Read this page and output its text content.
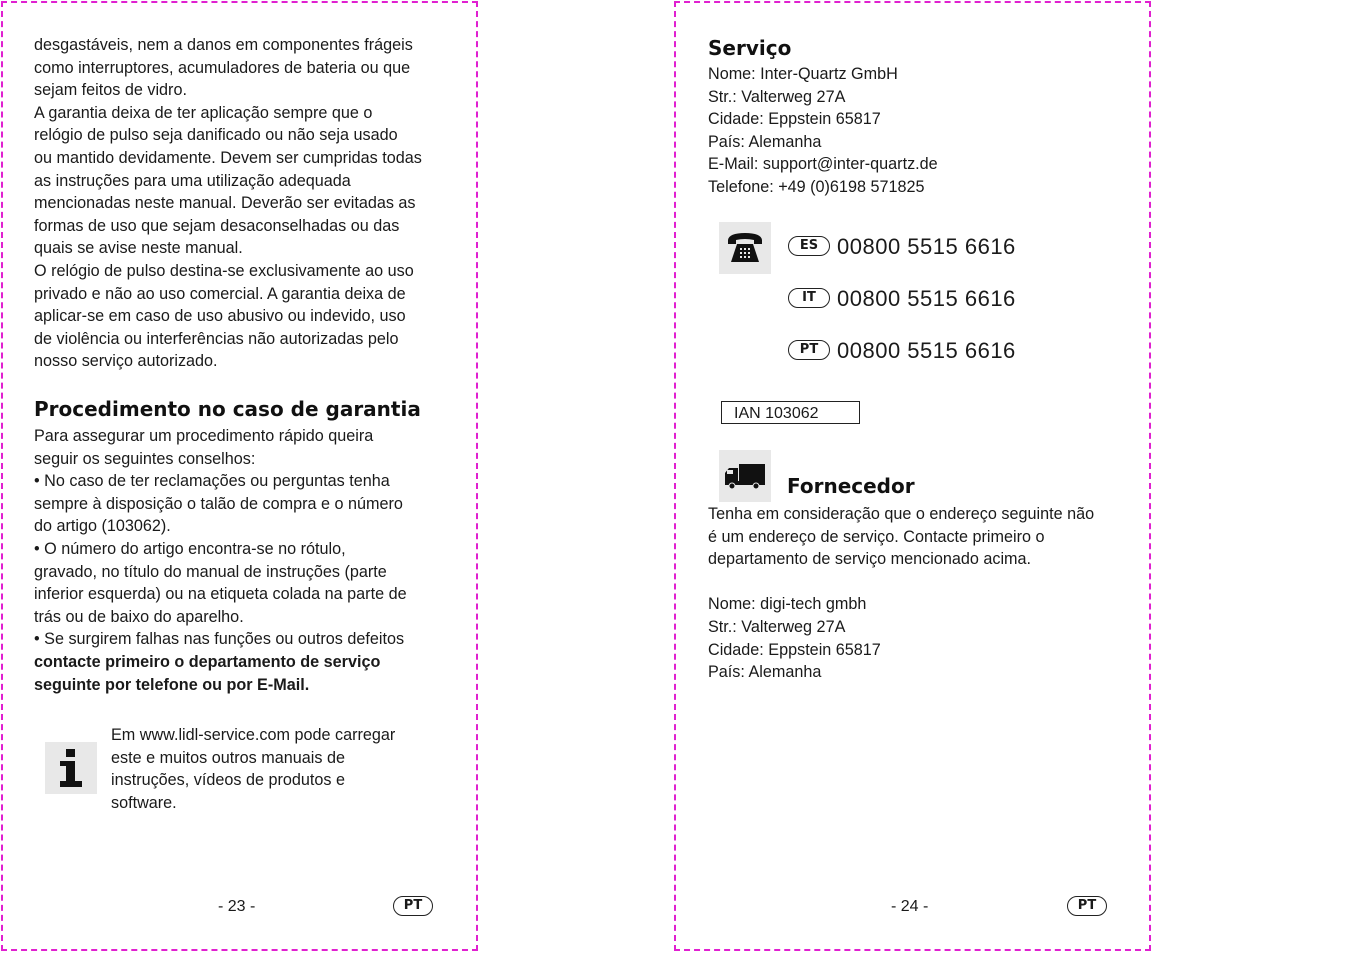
desgastáveis, nem a danos em componentes frágeis
como interruptores, acumuladores de bateria ou que
sejam feitos de vidro.
A garantia deixa de ter aplicação sempre que o
relógio de pulso seja danificado ou não seja usado
ou mantido devidamente. Devem ser cumpridas todas
as instruções para uma utilização adequada
mencionadas neste manual. Deverão ser evitadas as
formas de uso que sejam desaconselhadas ou das
quais se avise neste manual.
O relógio de pulso destina-se exclusivamente ao uso
privado e não ao uso comercial. A garantia deixa de
aplicar-se em caso de uso abusivo ou indevido, uso
de violência ou interferências não autorizadas pelo
nosso serviço autorizado.
Procedimento no caso de garantia
Para assegurar um procedimento rápido queira
seguir os seguintes conselhos:
• No caso de ter reclamações ou perguntas tenha
sempre à disposição o talão de compra e o número
do artigo (103062).
• O número do artigo encontra-se no rótulo,
gravado, no título do manual de instruções (parte
inferior esquerda) ou na etiqueta colada na parte de
trás ou de baixo do aparelho.
• Se surgirem falhas nas funções ou outros defeitos
contacte primeiro o departamento de serviço
seguinte por telefone ou por E-Mail.
Em www.lidl-service.com pode carregar
este e muitos outros manuais de
instruções, vídeos de produtos e
software.
- 23 -	PT
Serviço
Nome: Inter-Quartz GmbH
Str.: Valterweg 27A
Cidade: Eppstein 65817
País: Alemanha
E-Mail: support@inter-quartz.de
Telefone: +49 (0)6198 571825
ES 00800 5515 6616
IT 00800 5515 6616
PT 00800 5515 6616
IAN 103062
Fornecedor
Tenha em consideração que o endereço seguinte não
é um endereço de serviço. Contacte primeiro o
departamento de serviço mencionado acima.
Nome: digi-tech gmbh
Str.: Valterweg 27A
Cidade: Eppstein 65817
País: Alemanha
- 24 -	PT
